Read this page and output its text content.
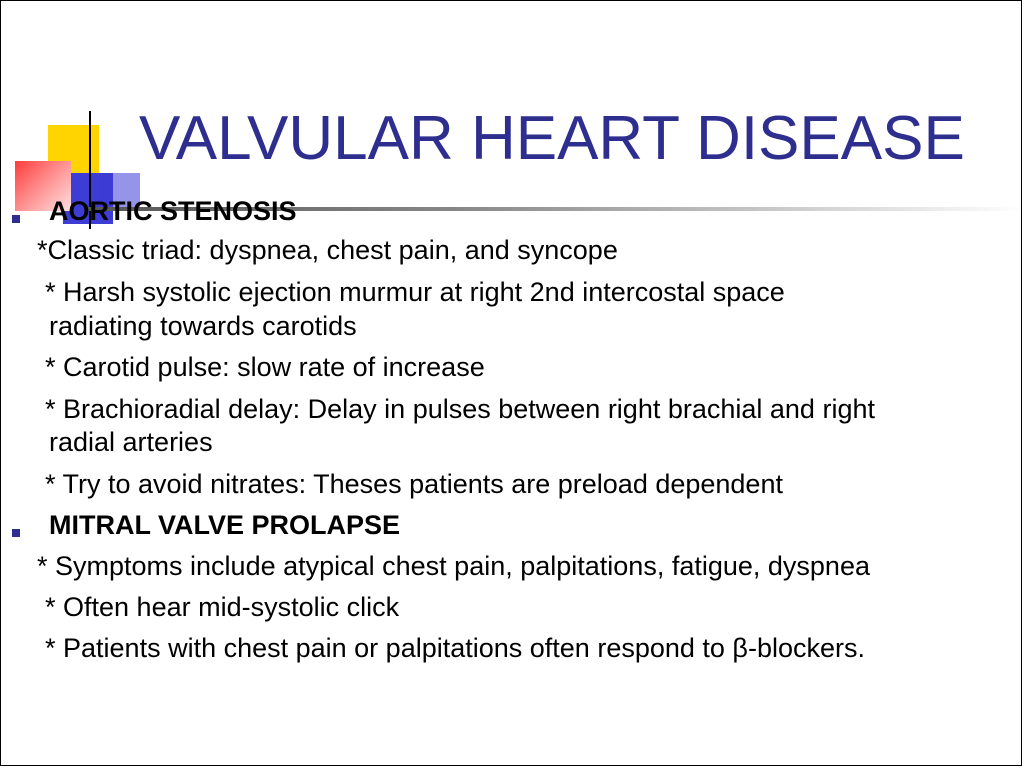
VALVULAR HEART DISEASE
AORTIC STENOSIS
*Classic triad: dyspnea, chest pain, and syncope
* Harsh systolic ejection murmur at right 2nd intercostal space
radiating towards carotids
* Carotid pulse: slow rate of increase
* Brachioradial delay: Delay in pulses between right brachial and right
radial arteries
* Try to avoid nitrates: Theses patients are preload dependent
MITRAL VALVE PROLAPSE
* Symptoms include atypical chest pain, palpitations, fatigue, dyspnea
* Often hear mid-systolic click
* Patients with chest pain or palpitations often respond to β-blockers.
